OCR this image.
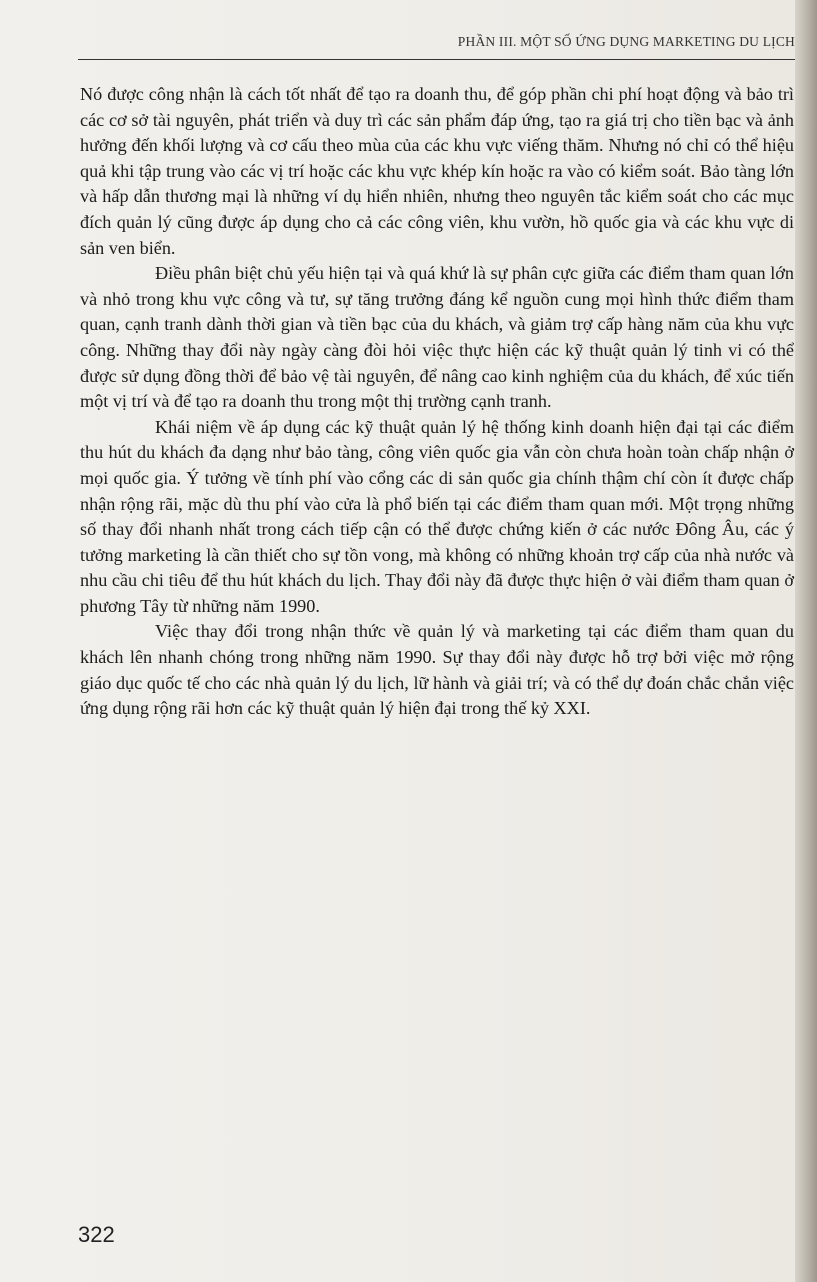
PHẦN III. MỘT SỐ ỨNG DỤNG MARKETING DU LỊCH

Nó được công nhận là cách tốt nhất để tạo ra doanh thu, để góp phần chi phí hoạt động và bảo trì các cơ sở tài nguyên, phát triển và duy trì các sản phẩm đáp ứng, tạo ra giá trị cho tiền bạc và ảnh hưởng đến khối lượng và cơ cấu theo mùa của các khu vực viếng thăm. Nhưng nó chỉ có thể hiệu quả khi tập trung vào các vị trí hoặc các khu vực khép kín hoặc ra vào có kiểm soát. Bảo tàng lớn và hấp dẫn thương mại là những ví dụ hiển nhiên, nhưng theo nguyên tắc kiểm soát cho các mục đích quản lý cũng được áp dụng cho cả các công viên, khu vườn, hồ quốc gia và các khu vực di sản ven biển.

Điều phân biệt chủ yếu hiện tại và quá khứ là sự phân cực giữa các điểm tham quan lớn và nhỏ trong khu vực công và tư, sự tăng trưởng đáng kể nguồn cung mọi hình thức điểm tham quan, cạnh tranh dành thời gian và tiền bạc của du khách, và giảm trợ cấp hàng năm của khu vực công. Những thay đổi này ngày càng đòi hỏi việc thực hiện các kỹ thuật quản lý tinh vi có thể được sử dụng đồng thời để bảo vệ tài nguyên, để nâng cao kinh nghiệm của du khách, để xúc tiến một vị trí và để tạo ra doanh thu trong một thị trường cạnh tranh.

Khái niệm về áp dụng các kỹ thuật quản lý hệ thống kinh doanh hiện đại tại các điểm thu hút du khách đa dạng như bảo tàng, công viên quốc gia vẫn còn chưa hoàn toàn chấp nhận ở mọi quốc gia. Ý tưởng về tính phí vào cổng các di sản quốc gia chính thậm chí còn ít được chấp nhận rộng rãi, mặc dù thu phí vào cửa là phổ biến tại các điểm tham quan mới. Một trọng những số thay đổi nhanh nhất trong cách tiếp cận có thể được chứng kiến ở các nước Đông Âu, các ý tưởng marketing là cần thiết cho sự tồn vong, mà không có những khoản trợ cấp của nhà nước và nhu cầu chi tiêu để thu hút khách du lịch. Thay đổi này đã được thực hiện ở vài điểm tham quan ở phương Tây từ những năm 1990.

Việc thay đổi trong nhận thức về quản lý và marketing tại các điểm tham quan du khách lên nhanh chóng trong những năm 1990. Sự thay đổi này được hỗ trợ bởi việc mở rộng giáo dục quốc tế cho các nhà quản lý du lịch, lữ hành và giải trí; và có thể dự đoán chắc chắn việc ứng dụng rộng rãi hơn các kỹ thuật quản lý hiện đại trong thế kỷ XXI.

322
